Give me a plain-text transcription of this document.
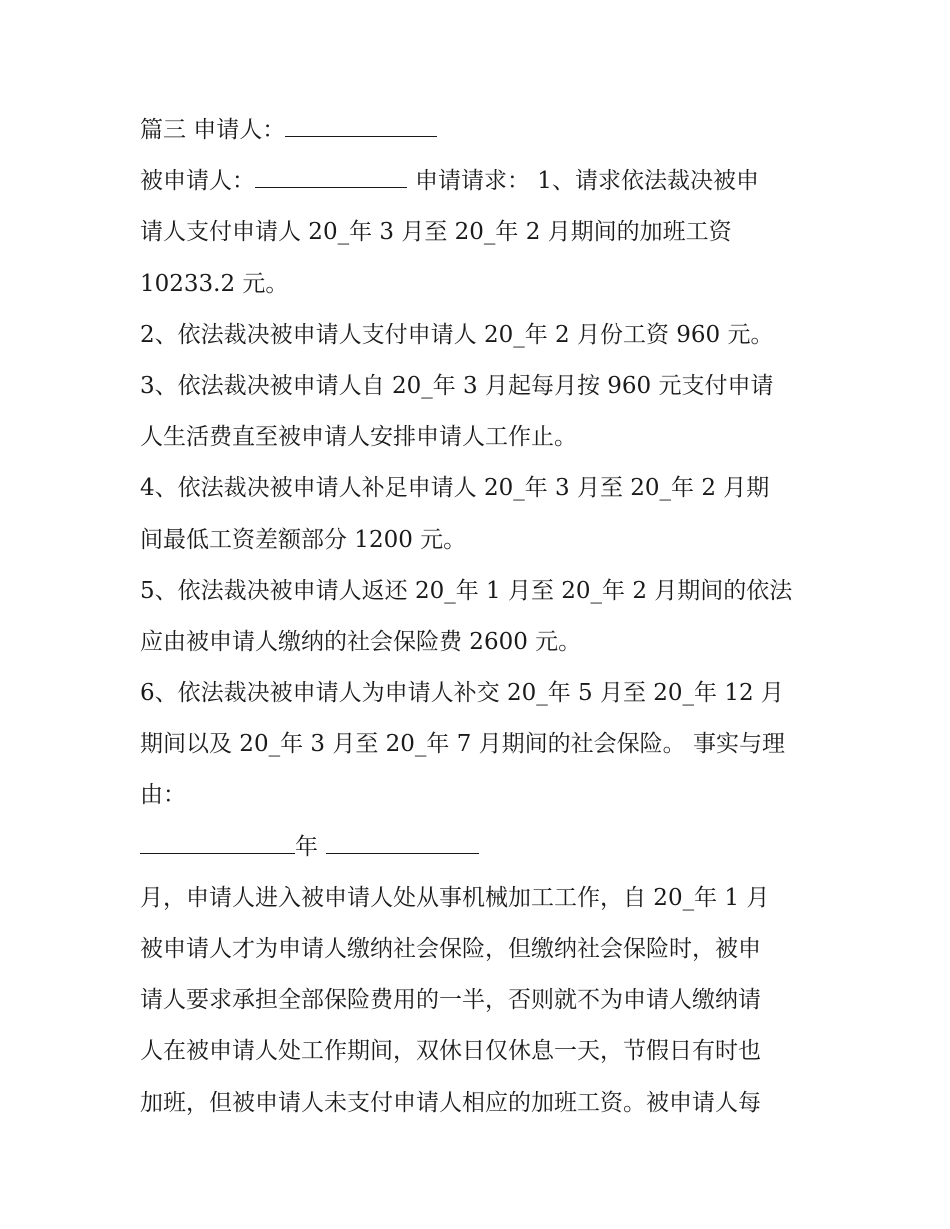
篇三 申请人：
被申请人：	申请请求： 1、请求依法裁决被申
请人支付申请人 20_年 3 月至 20_年 2 月期间的加班工资
10233.2 元。
2、依法裁决被申请人支付申请人 20_年 2 月份工资 960 元。
3、依法裁决被申请人自 20_年 3 月起每月按 960 元支付申请
人生活费直至被申请人安排申请人工作止。
4、依法裁决被申请人补足申请人 20_年 3 月至 20_年 2 月期
间最低工资差额部分 1200 元。
5、依法裁决被申请人返还 20_年 1 月至 20_年 2 月期间的依法
应由被申请人缴纳的社会保险费 2600 元。
6、依法裁决被申请人为申请人补交 20_年 5 月至 20_年 12 月
期间以及 20_年 3 月至 20_年 7 月期间的社会保险。 事实与理
由：
年
月，申请人进入被申请人处从事机械加工工作，自 20_年 1 月
被申请人才为申请人缴纳社会保险，但缴纳社会保险时，被申
请人要求承担全部保险费用的一半，否则就不为申请人缴纳请
人在被申请人处工作期间，双休日仅休息一天，节假日有时也
加班，但被申请人未支付申请人相应的加班工资。被申请人每
